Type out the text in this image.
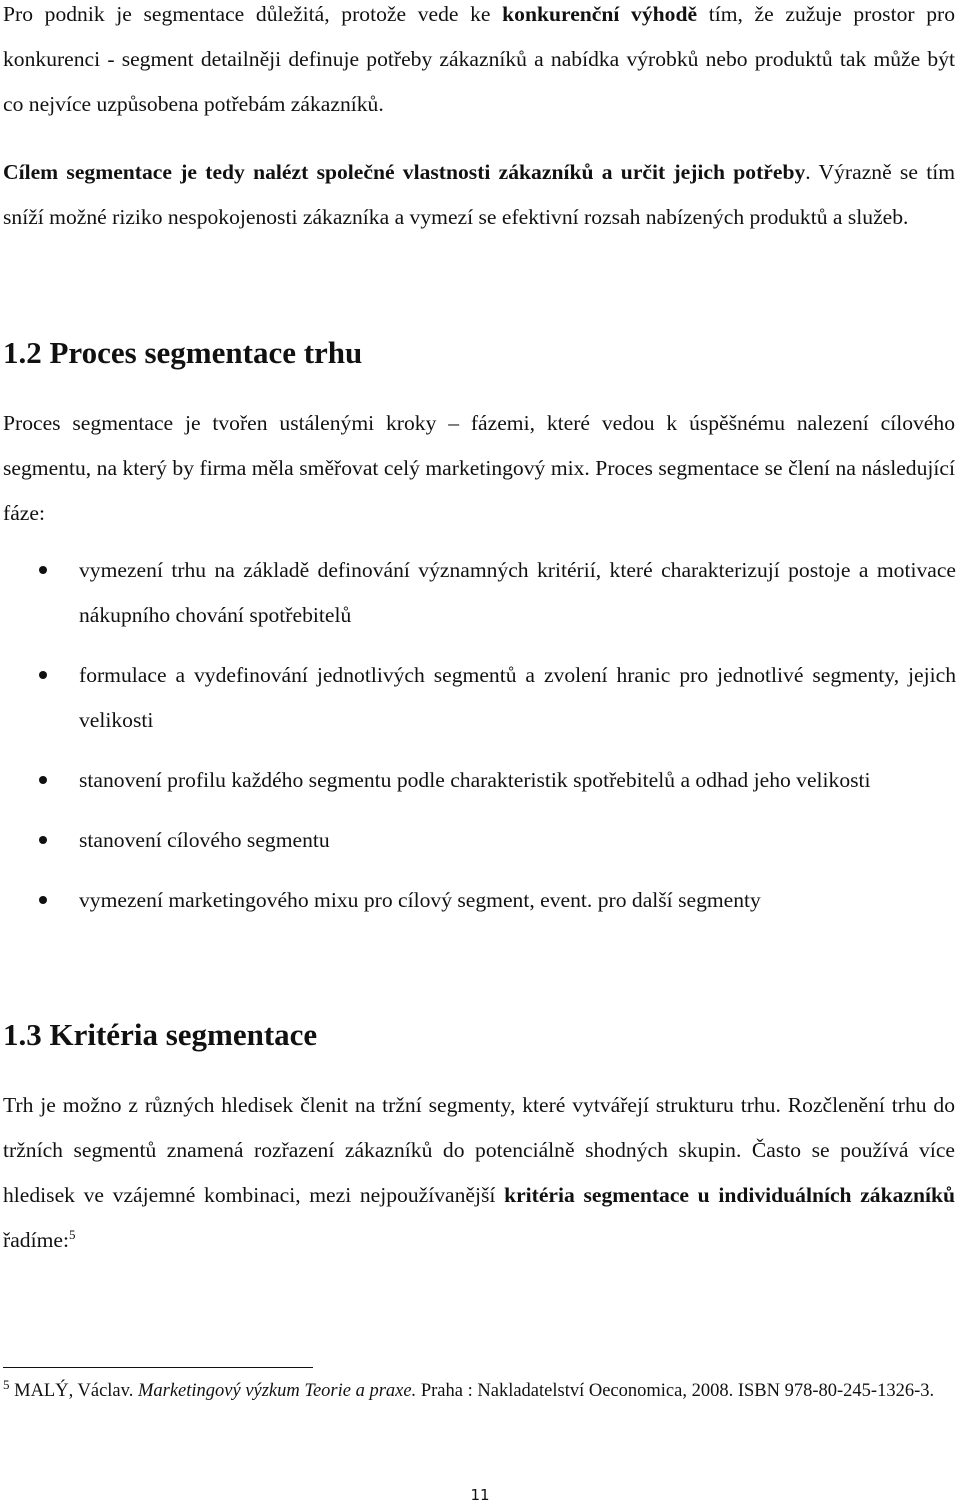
Pro podnik je segmentace důležitá, protože vede ke konkurenční výhodě tím, že zužuje prostor pro konkurenci - segment detailněji definuje potřeby zákazníků a nabídka výrobků nebo produktů tak může být co nejvíce uzpůsobena potřebám zákazníků.

Cílem segmentace je tedy nalézt společné vlastnosti zákazníků a určit jejich potřeby. Výrazně se tím sníží možné riziko nespokojenosti zákazníka a vymezí se efektivní rozsah nabízených produktů a služeb.

1.2 Proces segmentace trhu

Proces segmentace je tvořen ustálenými kroky – fázemi, které vedou k úspěšnému nalezení cílového segmentu, na který by firma měla směřovat celý marketingový mix. Proces segmentace se člení na následující fáze:

vymezení trhu na základě definování významných kritérií, které charakterizují postoje a motivace nákupního chování spotřebitelů
formulace a vydefinování jednotlivých segmentů a zvolení hranic pro jednotlivé segmenty, jejich velikosti
stanovení profilu každého segmentu podle charakteristik spotřebitelů a odhad jeho velikosti
stanovení cílového segmentu
vymezení marketingového mixu pro cílový segment, event. pro další segmenty
1.3 Kritéria segmentace

Trh je možno z různých hledisek členit na tržní segmenty, které vytvářejí strukturu trhu. Rozčlenění trhu do tržních segmentů znamená rozřazení zákazníků do potenciálně shodných skupin. Často se používá více hledisek ve vzájemné kombinaci, mezi nejpoužívanější kritéria segmentace u individuálních zákazníků řadíme:$^5$

$^5$ MALÝ, Václav. Marketingový výzkum Teorie a praxe. Praha : Nakladatelství Oeconomica, 2008. ISBN 978-80-245-1326-3.

11
